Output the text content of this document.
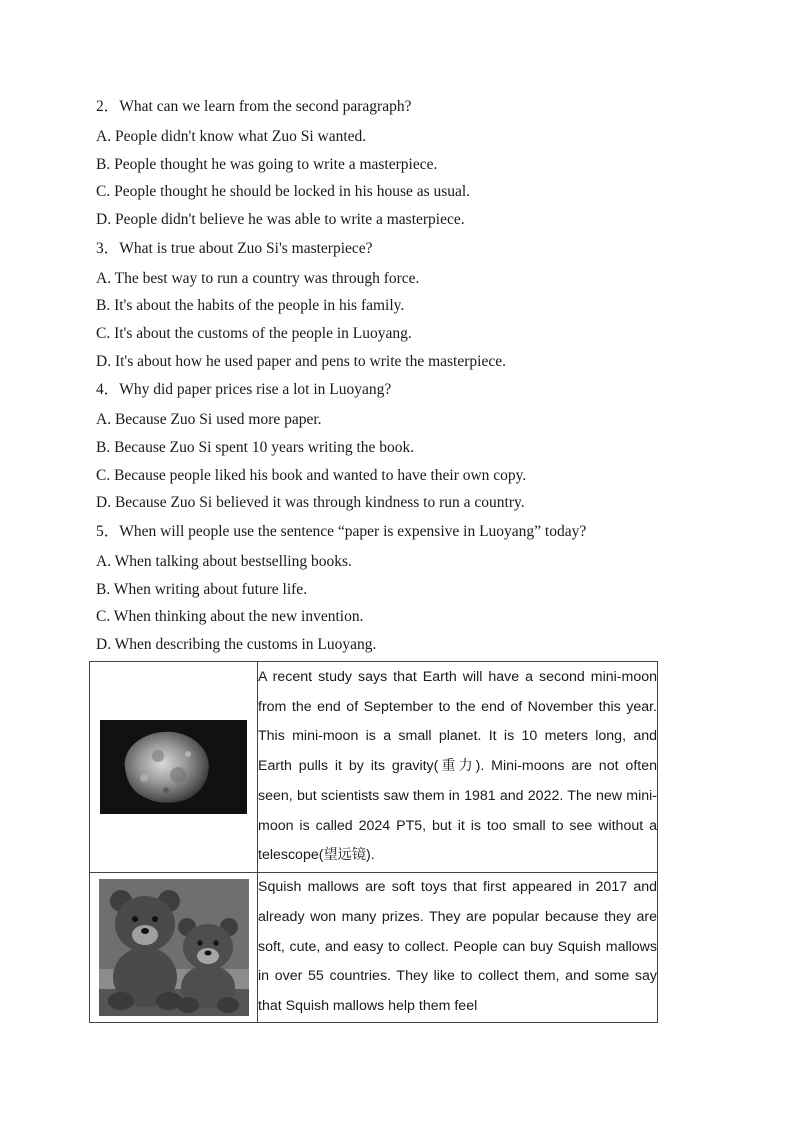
2．What can we learn from the second paragraph?
A. People didn't know what Zuo Si wanted.
B. People thought he was going to write a masterpiece.
C. People thought he should be locked in his house as usual.
D. People didn't believe he was able to write a masterpiece.
3．What is true about Zuo Si's masterpiece?
A. The best way to run a country was through force.
B. It's about the habits of the people in his family.
C. It's about the customs of the people in Luoyang.
D. It's about how he used paper and pens to write the masterpiece.
4．Why did paper prices rise a lot in Luoyang?
A. Because Zuo Si used more paper.
B. Because Zuo Si spent 10 years writing the book.
C. Because people liked his book and wanted to have their own copy.
D. Because Zuo Si believed it was through kindness to run a country.
5．When will people use the sentence “paper is expensive in Luoyang” today?
A. When talking about bestselling books.
B. When writing about future life.
C. When thinking about the new invention.
D. When describing the customs in Luoyang.
	A recent study says that Earth will have a second mini-moon from the end of September to the end of November this year. This mini-moon is a small planet. It is 10 meters long, and Earth pulls it by its gravity(重力). Mini-moons are not often seen, but scientists saw them in 1981 and 2022. The new mini-moon is called 2024 PT5, but it is too small to see without a telescope(望远镜).

	Squish mallows are soft toys that first appeared in 2017 and already won many prizes. They are popular because they are soft, cute, and easy to collect. People can buy Squish mallows in over 55 countries. They like to collect them, and some say that Squish mallows help them feel
